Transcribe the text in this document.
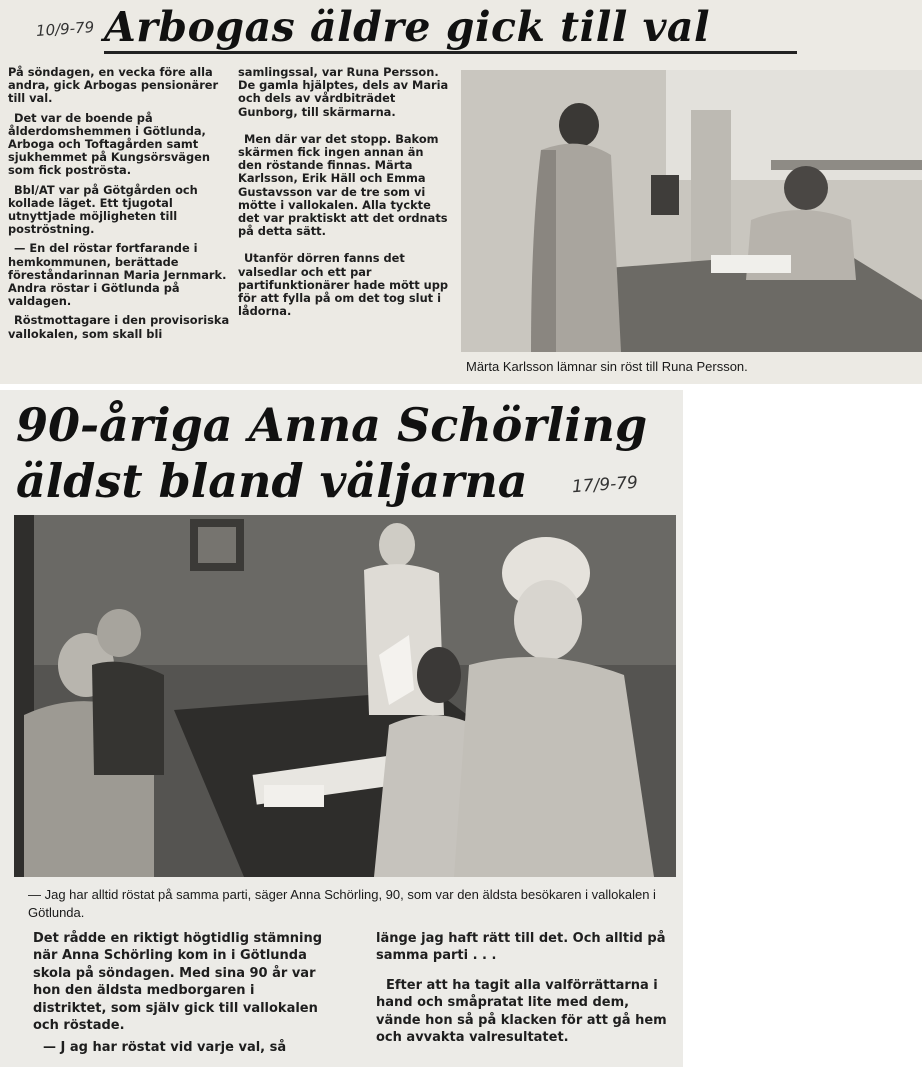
10/9-79 Arbogas äldre gick till val

På söndagen, en vecka före alla andra, gick Arbogas pensionärer till val.

Det var de boende på ålderdomshemmen i Götlunda, Arboga och Toftagården samt sjukhemmet på Kungsörsvägen som fick poströsta.

Bbl/AT var på Götgården och kollade läget. Ett tjugotal utnyttjade möjligheten till poströstning.

— En del röstar fortfarande i hemkommunen, berättade föreståndarinnan Maria Jernmark. Andra röstar i Götlunda på valdagen.

Röstmottagare i den provisoriska vallokalen, som skall bli

samlingssal, var Runa Persson. De gamla hjälptes, dels av Maria och dels av vårdbiträdet Gunborg, till skärmarna.

Men där var det stopp. Bakom skärmen fick ingen annan än den röstande finnas. Märta Karlsson, Erik Häll och Emma Gustavsson var de tre som vi mötte i vallokalen. Alla tyckte det var praktiskt att det ordnats på detta sätt.

Utanför dörren fanns det valsedlar och ett par partifunktionärer hade mött upp för att fylla på om det tog slut i lådorna.

Märta Karlsson lämnar sin röst till Runa Persson.
90-åriga Anna Schörling
äldst bland väljarna	17/9-79
— Jag har alltid röstat på samma parti, säger Anna Schörling, 90, som var den äldsta besökaren i vallokalen i Götlunda.

Det rådde en riktigt högtidlig stämning när Anna Schörling kom in i Götlunda skola på söndagen. Med sina 90 år var hon den äldsta medborgaren i distriktet, som själv gick till vallokalen och röstade.

— J ag har röstat vid varje val, så

länge jag haft rätt till det. Och alltid på samma parti . . .

Efter att ha tagit alla valförrättarna i hand och småpratat lite med dem, vände hon så på klacken för att gå hem och avvakta valresultatet.
